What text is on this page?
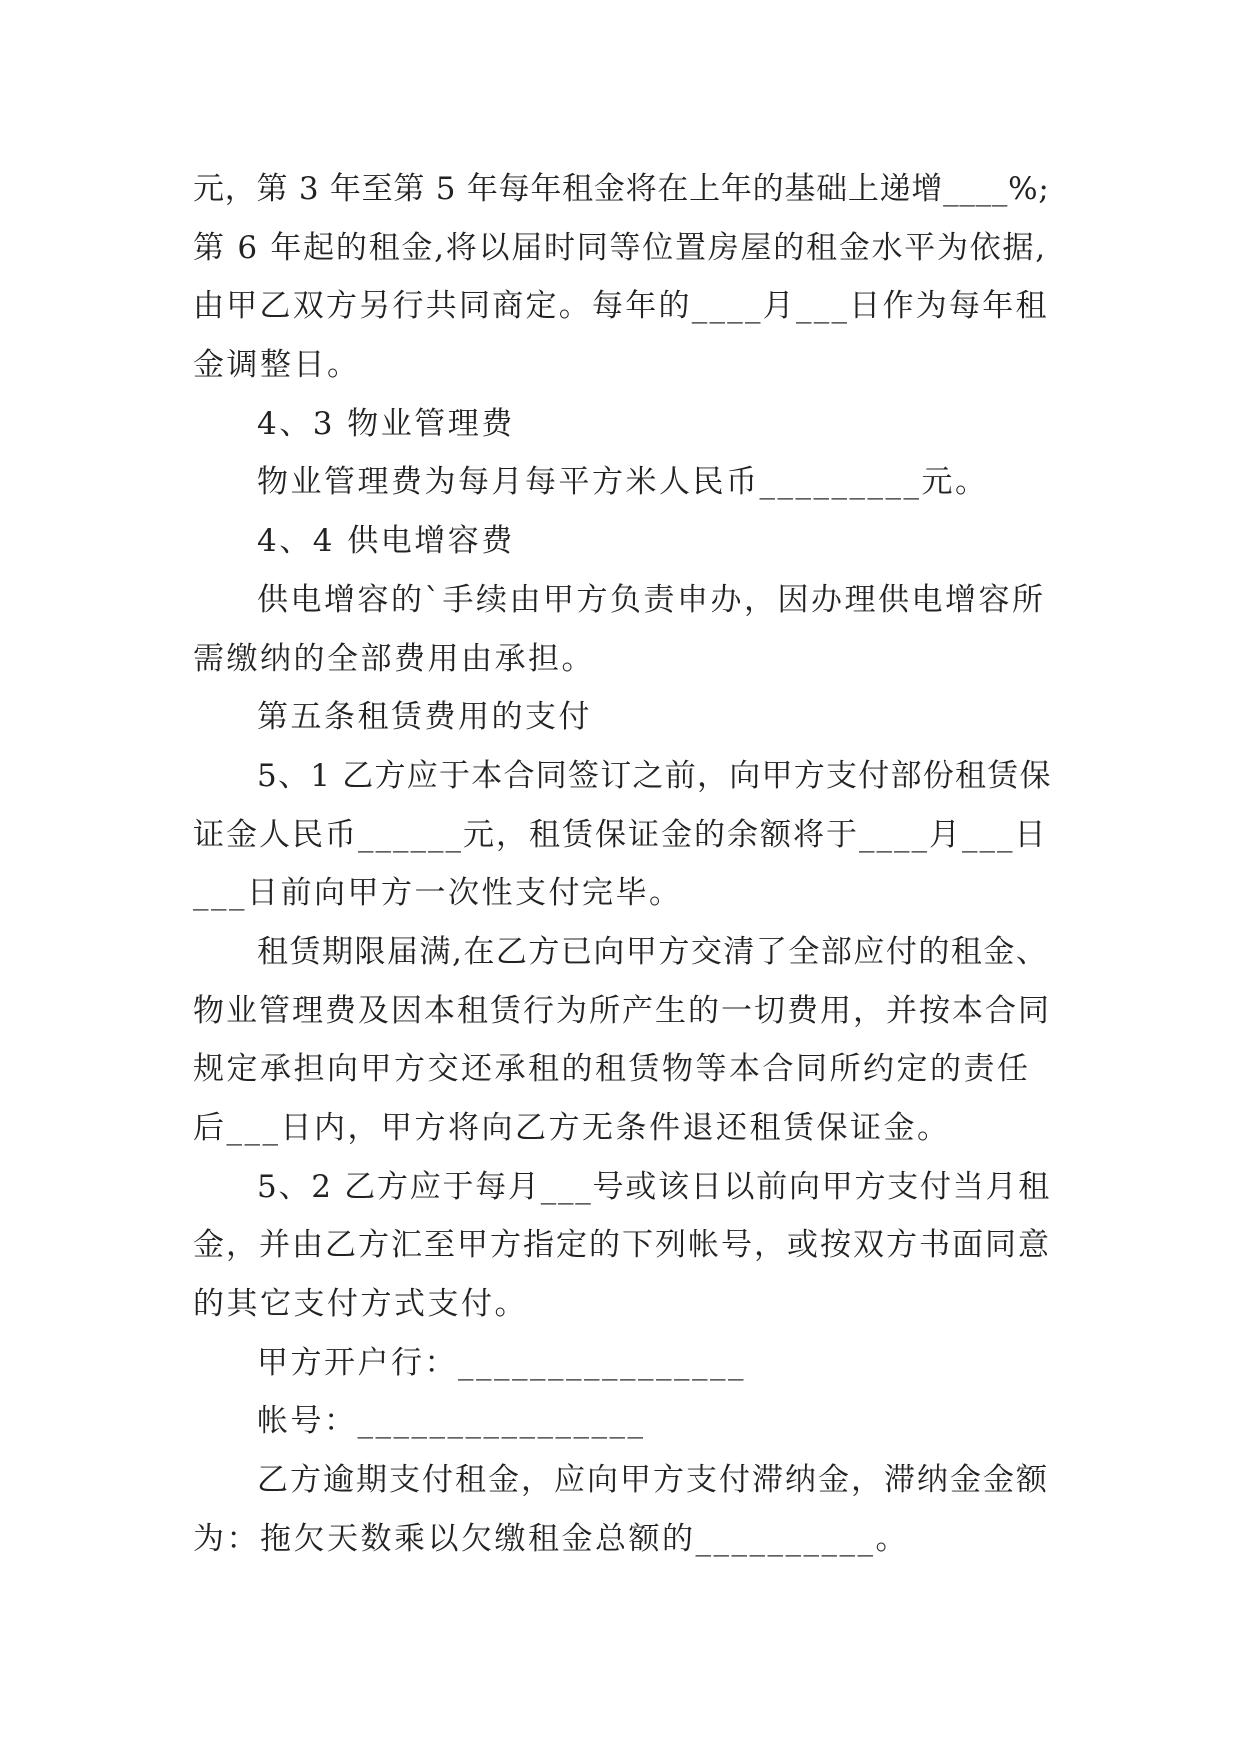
元，第 3 年至第 5 年每年租金将在上年的基础上递增____%;

第 6 年起的租金,将以届时同等位置房屋的租金水平为依据,

由甲乙双方另行共同商定。每年的____月___日作为每年租

金调整日。

4、3 物业管理费

物业管理费为每月每平方米人民币_________元。

4、4 供电增容费

供电增容的`手续由甲方负责申办，因办理供电增容所

需缴纳的全部费用由承担。

第五条租赁费用的支付

5、1 乙方应于本合同签订之前，向甲方支付部份租赁保

证金人民币______元，租赁保证金的余额将于____月___日

___日前向甲方一次性支付完毕。

租赁期限届满,在乙方已向甲方交清了全部应付的租金、

物业管理费及因本租赁行为所产生的一切费用，并按本合同

规定承担向甲方交还承租的租赁物等本合同所约定的责任

后___日内，甲方将向乙方无条件退还租赁保证金。

5、2 乙方应于每月___号或该日以前向甲方支付当月租

金，并由乙方汇至甲方指定的下列帐号，或按双方书面同意

的其它支付方式支付。

甲方开户行：________________

帐号：________________

乙方逾期支付租金，应向甲方支付滞纳金，滞纳金金额

为：拖欠天数乘以欠缴租金总额的__________。
